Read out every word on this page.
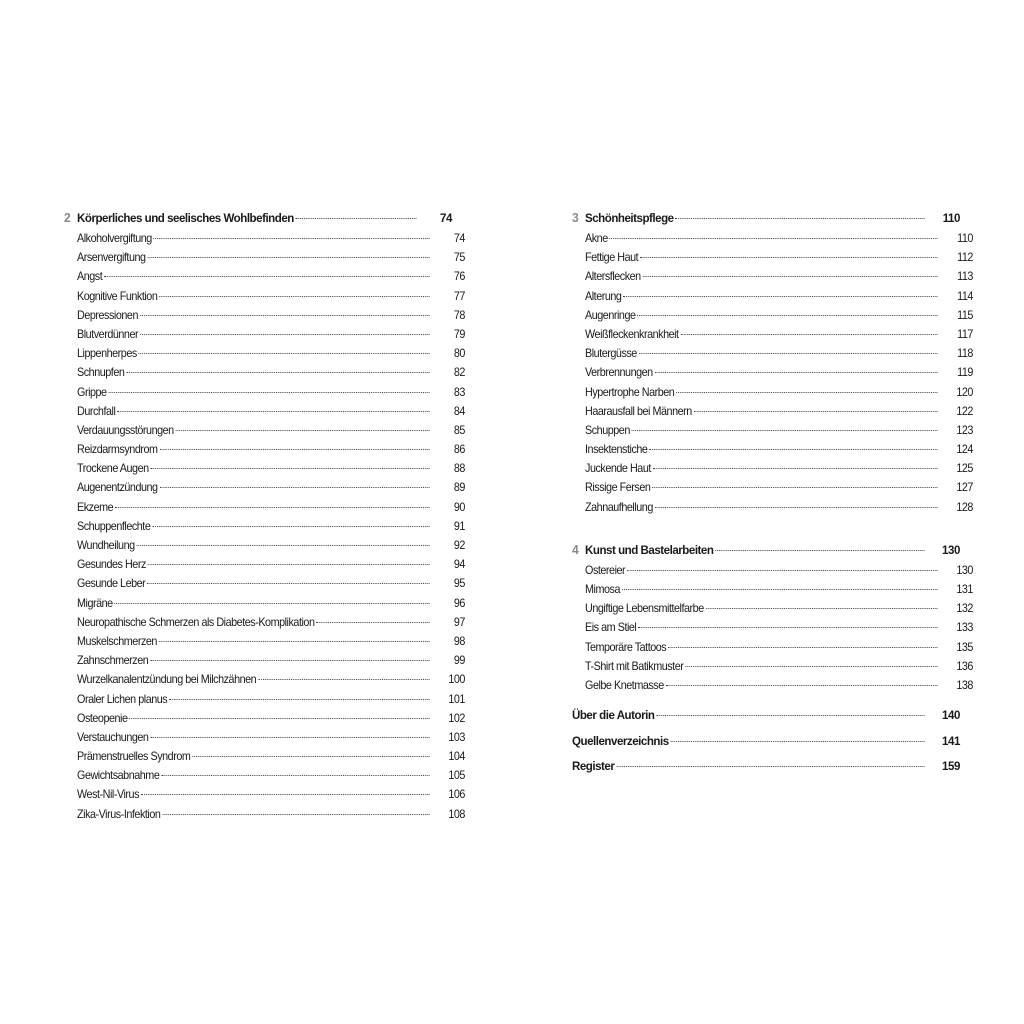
2 Körperliches und seelisches Wohlbefinden	74
Alkoholvergiftung	74
Arsenvergiftung	75
Angst	76
Kognitive Funktion	77
Depressionen	78
Blutverdünner	79
Lippenherpes	80
Schnupfen	82
Grippe	83
Durchfall	84
Verdauungsstörungen	85
Reizdarmsyndrom	86
Trockene Augen	88
Augenentzündung	89
Ekzeme	90
Schuppenflechte	91
Wundheilung	92
Gesundes Herz	94
Gesunde Leber	95
Migräne	96
Neuropathische Schmerzen als Diabetes-Komplikation	97
Muskelschmerzen	98
Zahnschmerzen	99
Wurzelkanalentzündung bei Milchzähnen	100
Oraler Lichen planus	101
Osteopenie	102
Verstauchungen	103
Prämenstruelles Syndrom	104
Gewichtsabnahme	105
West-Nil-Virus	106
Zika-Virus-Infektion	108
3 Schönheitspflege	110
Akne	110
Fettige Haut	112
Altersflecken	113
Alterung	114
Augenringe	115
Weißfleckenkrankheit	117
Blutergüsse	118
Verbrennungen	119
Hypertrophe Narben	120
Haarausfall bei Männern	122
Schuppen	123
Insektenstiche	124
Juckende Haut	125
Rissige Fersen	127
Zahnaufhellung	128
4 Kunst und Bastelarbeiten	130
Ostereier	130
Mimosa	131
Ungiftige Lebensmittelfarbe	132
Eis am Stiel	133
Temporäre Tattoos	135
T-Shirt mit Batikmuster	136
Gelbe Knetmasse	138
Über die Autorin	140
Quellenverzeichnis	141
Register	159
